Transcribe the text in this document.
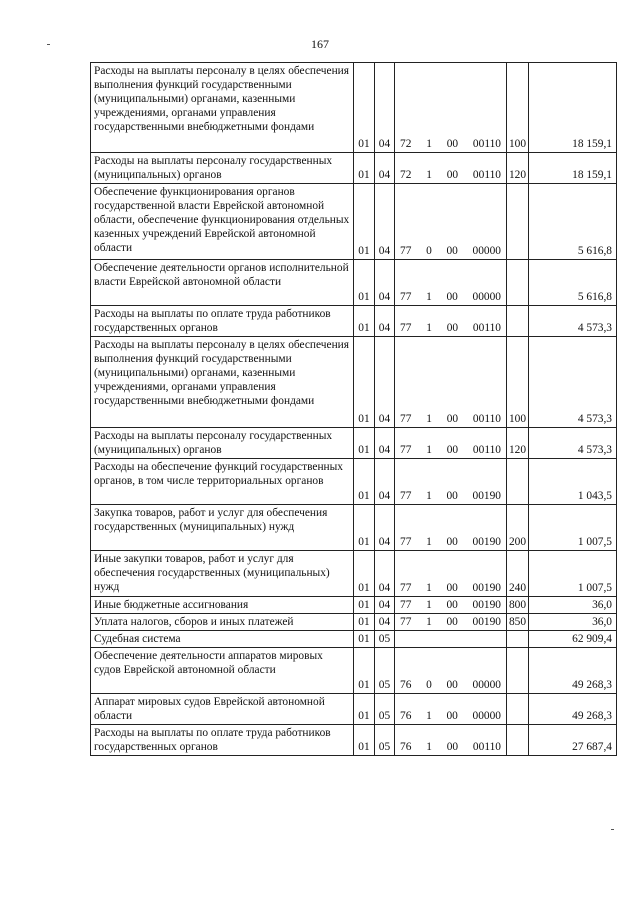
167
Расходы на выплаты персоналу в целях обеспечения выполнения функций государственными (муниципальными) органами, казенными учреждениями, органами управления государственными внебюджетными фондами	01	04	72 1 00 00110	100	18 159,1
Расходы на выплаты персоналу государственных (муниципальных) органов	01	04	72 1 00 00110	120	18 159,1
Обеспечение функционирования органов государственной власти Еврейской автономной области, обеспечение функционирования отдельных казенных учреждений Еврейской автономной области	01	04	77 0 00 00000		5 616,8
Обеспечение деятельности органов исполнительной власти Еврейской автономной области	01	04	77 1 00 00000		5 616,8
Расходы на выплаты по оплате труда работников государственных органов	01	04	77 1 00 00110		4 573,3
Расходы на выплаты персоналу в целях обеспечения выполнения функций государственными (муниципальными) органами, казенными учреждениями, органами управления государственными внебюджетными фондами	01	04	77 1 00 00110	100	4 573,3
Расходы на выплаты персоналу государственных (муниципальных) органов	01	04	77 1 00 00110	120	4 573,3
Расходы на обеспечение функций государственных органов, в том числе территориальных органов	01	04	77 1 00 00190		1 043,5
Закупка товаров, работ и услуг для обеспечения государственных (муниципальных) нужд	01	04	77 1 00 00190	200	1 007,5
Иные закупки товаров, работ и услуг для обеспечения государственных (муниципальных) нужд	01	04	77 1 00 00190	240	1 007,5
Иные бюджетные ассигнования	01	04	77 1 00 00190	800	36,0
Уплата налогов, сборов и иных платежей	01	04	77 1 00 00190	850	36,0
Судебная система	01	05			62 909,4
Обеспечение деятельности аппаратов мировых судов Еврейской автономной области	01	05	76 0 00 00000		49 268,3
Аппарат мировых судов Еврейской автономной области	01	05	76 1 00 00000		49 268,3
Расходы на выплаты по оплате труда работников государственных органов	01	05	76 1 00 00110		27 687,4
